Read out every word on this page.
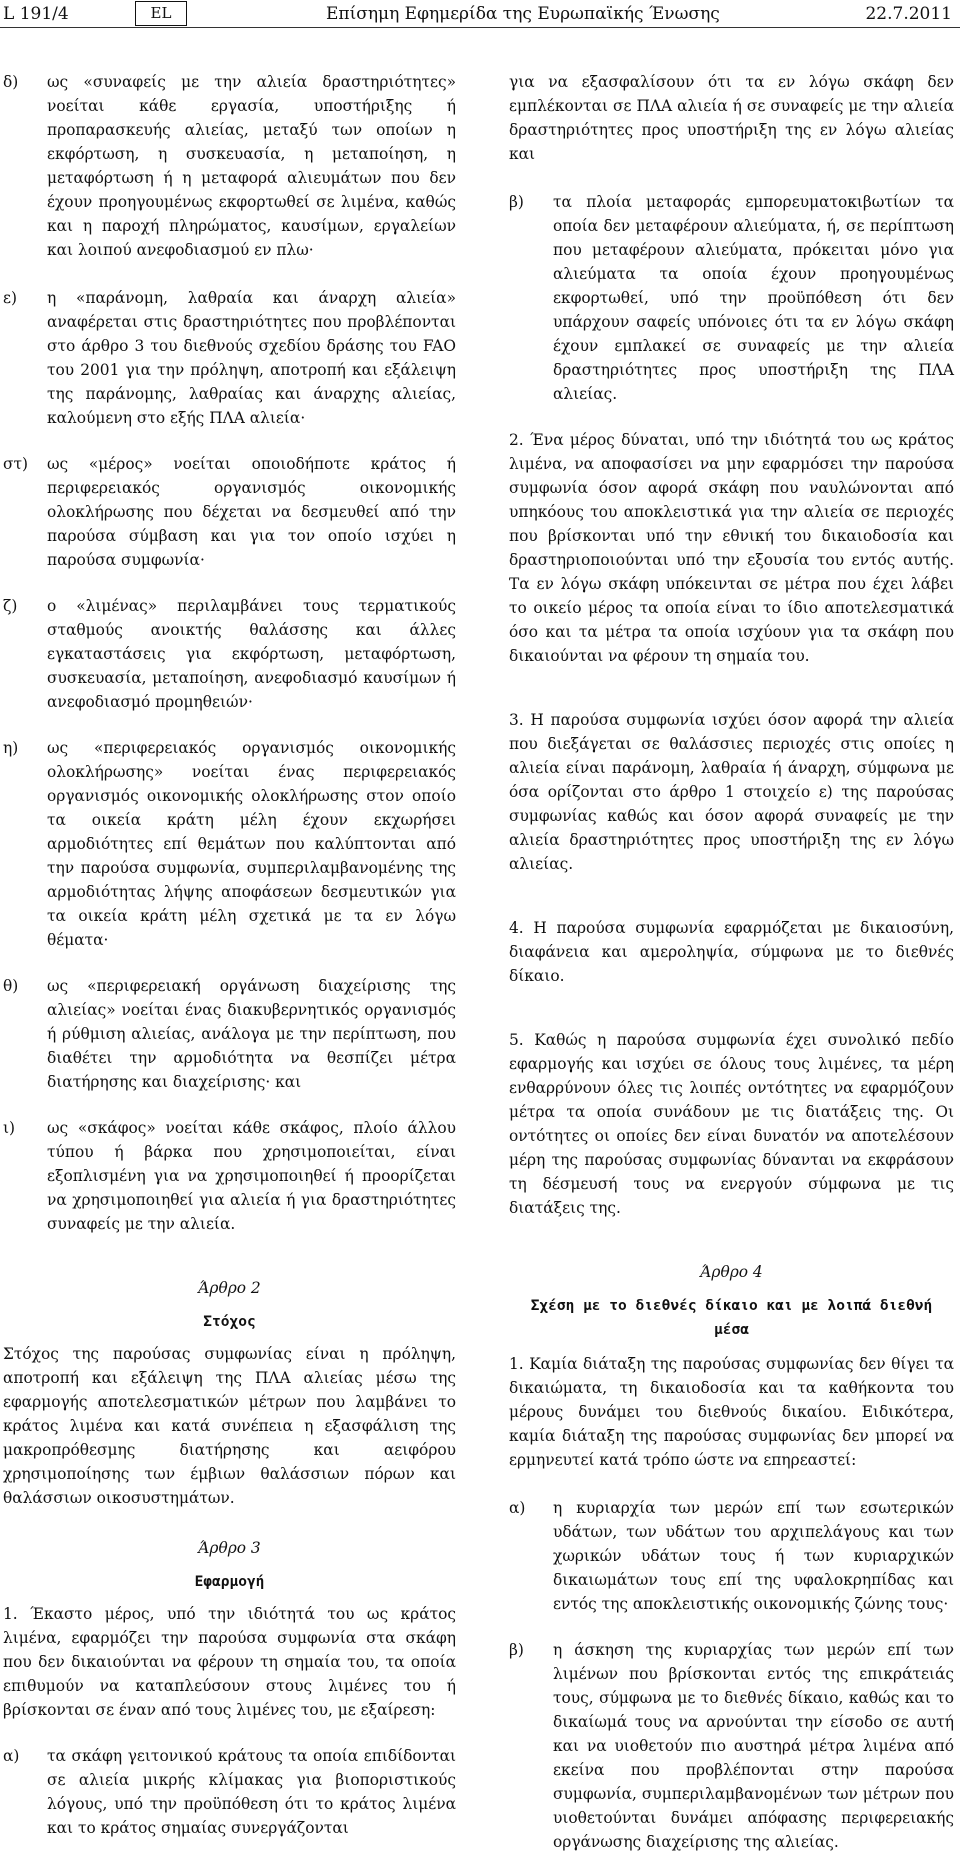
L 191/4	EL	Επίσημη Εφημερίδα της Ευρωπαϊκής Ένωσης	22.7.2011
δ)	ως «συναφείς με την αλιεία δραστηριότητες» νοείται κάθε εργασία, υποστήριξης ή προπαρασκευής αλιείας, μεταξύ των οποίων η εκφόρτωση, η συσκευασία, η μεταποίηση, η μεταφόρτωση ή η μεταφορά αλιευμάτων που δεν έχουν προηγουμένως εκφορτωθεί σε λιμένα, καθώς και η παροχή πληρώματος, καυσίμων, εργαλείων και λοιπού ανεφοδιασμού εν πλω·
ε)	η «παράνομη, λαθραία και άναρχη αλιεία» αναφέρεται στις δραστηριότητες που προβλέπονται στο άρθρο 3 του διεθνούς σχεδίου δράσης του FAO του 2001 για την πρόληψη, αποτροπή και εξάλειψη της παράνομης, λαθραίας και άναρχης αλιείας, καλούμενη στο εξής ΠΛΑ αλιεία·
στ)	ως «μέρος» νοείται οποιοδήποτε κράτος ή περιφερειακός οργανισμός οικονομικής ολοκλήρωσης που δέχεται να δεσμευθεί από την παρούσα σύμβαση και για τον οποίο ισχύει η παρούσα συμφωνία·
ζ)	ο «λιμένας» περιλαμβάνει τους τερματικούς σταθμούς ανοικτής θαλάσσης και άλλες εγκαταστάσεις για εκφόρτωση, μεταφόρτωση, συσκευασία, μεταποίηση, ανεφοδιασμό καυσίμων ή ανεφοδιασμό προμηθειών·
η)	ως «περιφερειακός οργανισμός οικονομικής ολοκλήρωσης» νοείται ένας περιφερειακός οργανισμός οικονομικής ολοκλήρωσης στον οποίο τα οικεία κράτη μέλη έχουν εκχωρήσει αρμοδιότητες επί θεμάτων που καλύπτονται από την παρούσα συμφωνία, συμπεριλαμβανομένης της αρμοδιότητας λήψης αποφάσεων δεσμευτικών για τα οικεία κράτη μέλη σχετικά με τα εν λόγω θέματα·
θ)	ως «περιφερειακή οργάνωση διαχείρισης της αλιείας» νοείται ένας διακυβερνητικός οργανισμός ή ρύθμιση αλιείας, ανάλογα με την περίπτωση, που διαθέτει την αρμοδιότητα να θεσπίζει μέτρα διατήρησης και διαχείρισης· και
ι)	ως «σκάφος» νοείται κάθε σκάφος, πλοίο άλλου τύπου ή βάρκα που χρησιμοποιείται, είναι εξοπλισμένη για να χρησιμοποιηθεί ή προορίζεται να χρησιμοποιηθεί για αλιεία ή για δραστηριότητες συναφείς με την αλιεία.

Άρθρο 2

Στόχος

Στόχος της παρούσας συμφωνίας είναι η πρόληψη, αποτροπή και εξάλειψη της ΠΛΑ αλιείας μέσω της εφαρμογής αποτελεσματικών μέτρων που λαμβάνει το κράτος λιμένα και κατά συνέπεια η εξασφάλιση της μακροπρόθεσμης διατήρησης και αειφόρου χρησιμοποίησης των έμβιων θαλάσσιων πόρων και θαλάσσιων οικοσυστημάτων.

Άρθρο 3

Εφαρμογή

1. Έκαστο μέρος, υπό την ιδιότητά του ως κράτος λιμένα, εφαρμόζει την παρούσα συμφωνία στα σκάφη που δεν δικαιούνται να φέρουν τη σημαία του, τα οποία επιθυμούν να καταπλεύσουν στους λιμένες του ή βρίσκονται σε έναν από τους λιμένες του, με εξαίρεση:

α)	τα σκάφη γειτονικού κράτους τα οποία επιδίδονται σε αλιεία μικρής κλίμακας για βιοποριστικούς λόγους, υπό την προϋπόθεση ότι το κράτος λιμένα και το κράτος σημαίας συνεργάζονται

για να εξασφαλίσουν ότι τα εν λόγω σκάφη δεν εμπλέκονται σε ΠΛΑ αλιεία ή σε συναφείς με την αλιεία δραστηριότητες προς υποστήριξη της εν λόγω αλιείας και

β)	τα πλοία μεταφοράς εμπορευματοκιβωτίων τα οποία δεν μεταφέρουν αλιεύματα, ή, σε περίπτωση που μεταφέρουν αλιεύματα, πρόκειται μόνο για αλιεύματα τα οποία έχουν προηγουμένως εκφορτωθεί, υπό την προϋπόθεση ότι δεν υπάρχουν σαφείς υπόνοιες ότι τα εν λόγω σκάφη έχουν εμπλακεί σε συναφείς με την αλιεία δραστηριότητες προς υποστήριξη της ΠΛΑ αλιείας.

2. Ένα μέρος δύναται, υπό την ιδιότητά του ως κράτος λιμένα, να αποφασίσει να μην εφαρμόσει την παρούσα συμφωνία όσον αφορά σκάφη που ναυλώνονται από υπηκόους του αποκλειστικά για την αλιεία σε περιοχές που βρίσκονται υπό την εθνική του δικαιοδοσία και δραστηριοποιούνται υπό την εξουσία του εντός αυτής. Τα εν λόγω σκάφη υπόκεινται σε μέτρα που έχει λάβει το οικείο μέρος τα οποία είναι το ίδιο αποτελεσματικά όσο και τα μέτρα τα οποία ισχύουν για τα σκάφη που δικαιούνται να φέρουν τη σημαία του.

3. Η παρούσα συμφωνία ισχύει όσον αφορά την αλιεία που διεξάγεται σε θαλάσσιες περιοχές στις οποίες η αλιεία είναι παράνομη, λαθραία ή άναρχη, σύμφωνα με όσα ορίζονται στο άρθρο 1 στοιχείο ε) της παρούσας συμφωνίας καθώς και όσον αφορά συναφείς με την αλιεία δραστηριότητες προς υποστήριξη της εν λόγω αλιείας.

4. Η παρούσα συμφωνία εφαρμόζεται με δικαιοσύνη, διαφάνεια και αμεροληψία, σύμφωνα με το διεθνές δίκαιο.

5. Καθώς η παρούσα συμφωνία έχει συνολικό πεδίο εφαρμογής και ισχύει σε όλους τους λιμένες, τα μέρη ενθαρρύνουν όλες τις λοιπές οντότητες να εφαρμόζουν μέτρα τα οποία συνάδουν με τις διατάξεις της. Οι οντότητες οι οποίες δεν είναι δυνατόν να αποτελέσουν μέρη της παρούσας συμφωνίας δύνανται να εκφράσουν τη δέσμευσή τους να ενεργούν σύμφωνα με τις διατάξεις της.

Άρθρο 4

Σχέση με το διεθνές δίκαιο και με λοιπά διεθνή μέσα

1. Καμία διάταξη της παρούσας συμφωνίας δεν θίγει τα δικαιώματα, τη δικαιοδοσία και τα καθήκοντα του μέρους δυνάμει του διεθνούς δικαίου. Ειδικότερα, καμία διάταξη της παρούσας συμφωνίας δεν μπορεί να ερμηνευτεί κατά τρόπο ώστε να επηρεαστεί:

α)	η κυριαρχία των μερών επί των εσωτερικών υδάτων, των υδάτων του αρχιπελάγους και των χωρικών υδάτων τους ή των κυριαρχικών δικαιωμάτων τους επί της υφαλοκρηπίδας και εντός της αποκλειστικής οικονομικής ζώνης τους·
β)	η άσκηση της κυριαρχίας των μερών επί των λιμένων που βρίσκονται εντός της επικράτειάς τους, σύμφωνα με το διεθνές δίκαιο, καθώς και το δικαίωμά τους να αρνούνται την είσοδο σε αυτή και να υιοθετούν πιο αυστηρά μέτρα λιμένα από εκείνα που προβλέπονται στην παρούσα συμφωνία, συμπεριλαμβανομένων των μέτρων που υιοθετούνται δυνάμει απόφασης περιφερειακής οργάνωσης διαχείρισης της αλιείας.
